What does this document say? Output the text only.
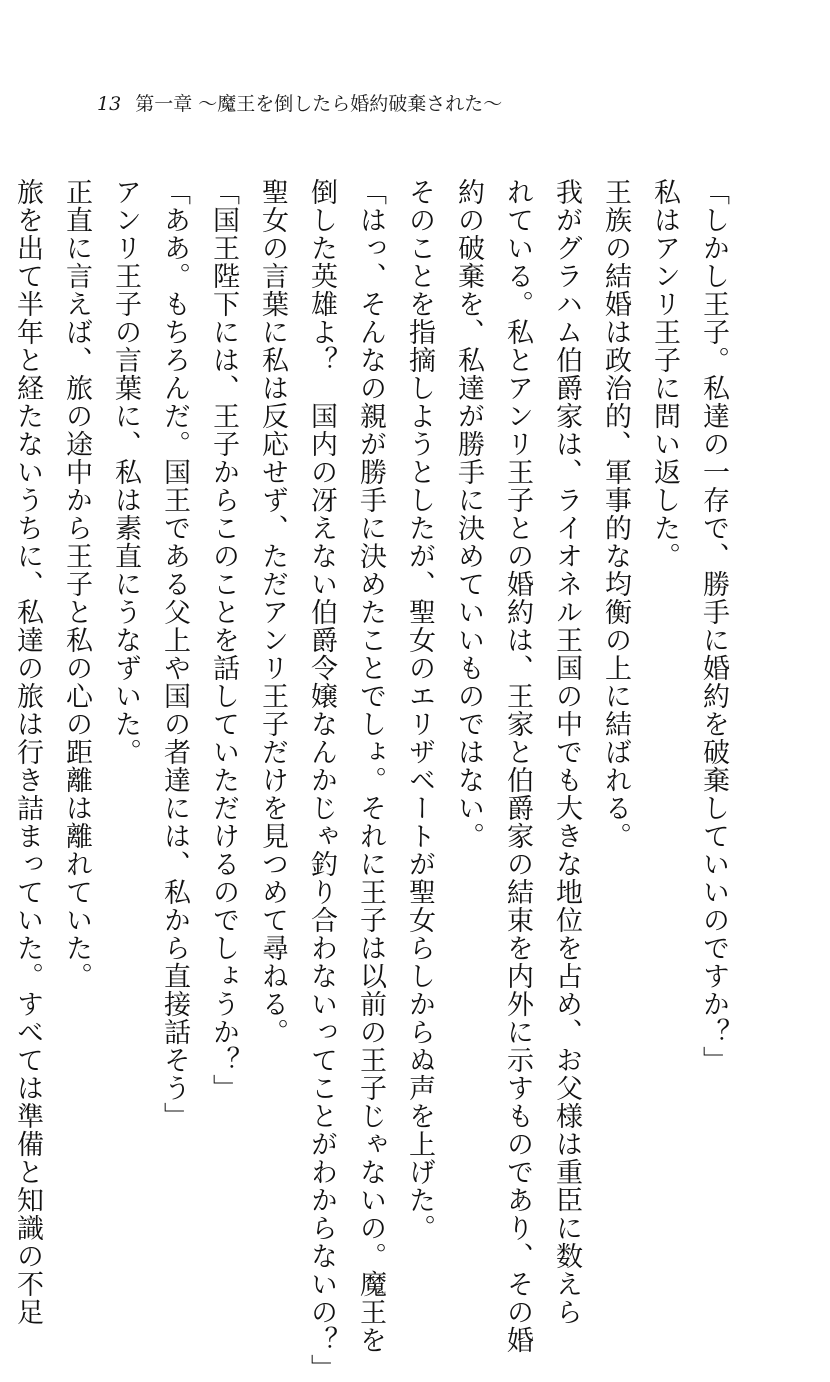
13 第一章 ～魔王を倒したら婚約破棄された～

「しかし王子。私達の一存で、勝手に婚約を破棄していいのですか？」

私はアンリ王子に問い返した。

王族の結婚は政治的、軍事的な均衡の上に結ばれる。

我がグラハム伯爵家は、ライオネル王国の中でも大きな地位を占め、お父様は重臣に数えら

れている。私とアンリ王子との婚約は、王家と伯爵家の結束を内外に示すものであり、その婚

約の破棄を、私達が勝手に決めていいものではない。

そのことを指摘しようとしたが、聖女のエリザベートが聖女らしからぬ声を上げた。

「はっ、そんなの親が勝手に決めたことでしょ。それに王子は以前の王子じゃないの。魔王を

倒した英雄よ？　国内の冴えない伯爵令嬢なんかじゃ釣り合わないってことがわからないの？」

聖女の言葉に私は反応せず、ただアンリ王子だけを見つめて尋ねる。

「国王陛下には、王子からこのことを話していただけるのでしょうか？」

「ああ。もちろんだ。国王である父上や国の者達には、私から直接話そう」

アンリ王子の言葉に、私は素直にうなずいた。

正直に言えば、旅の途中から王子と私の心の距離は離れていた。

旅を出て半年と経たないうちに、私達の旅は行き詰まっていた。すべては準備と知識の不足
